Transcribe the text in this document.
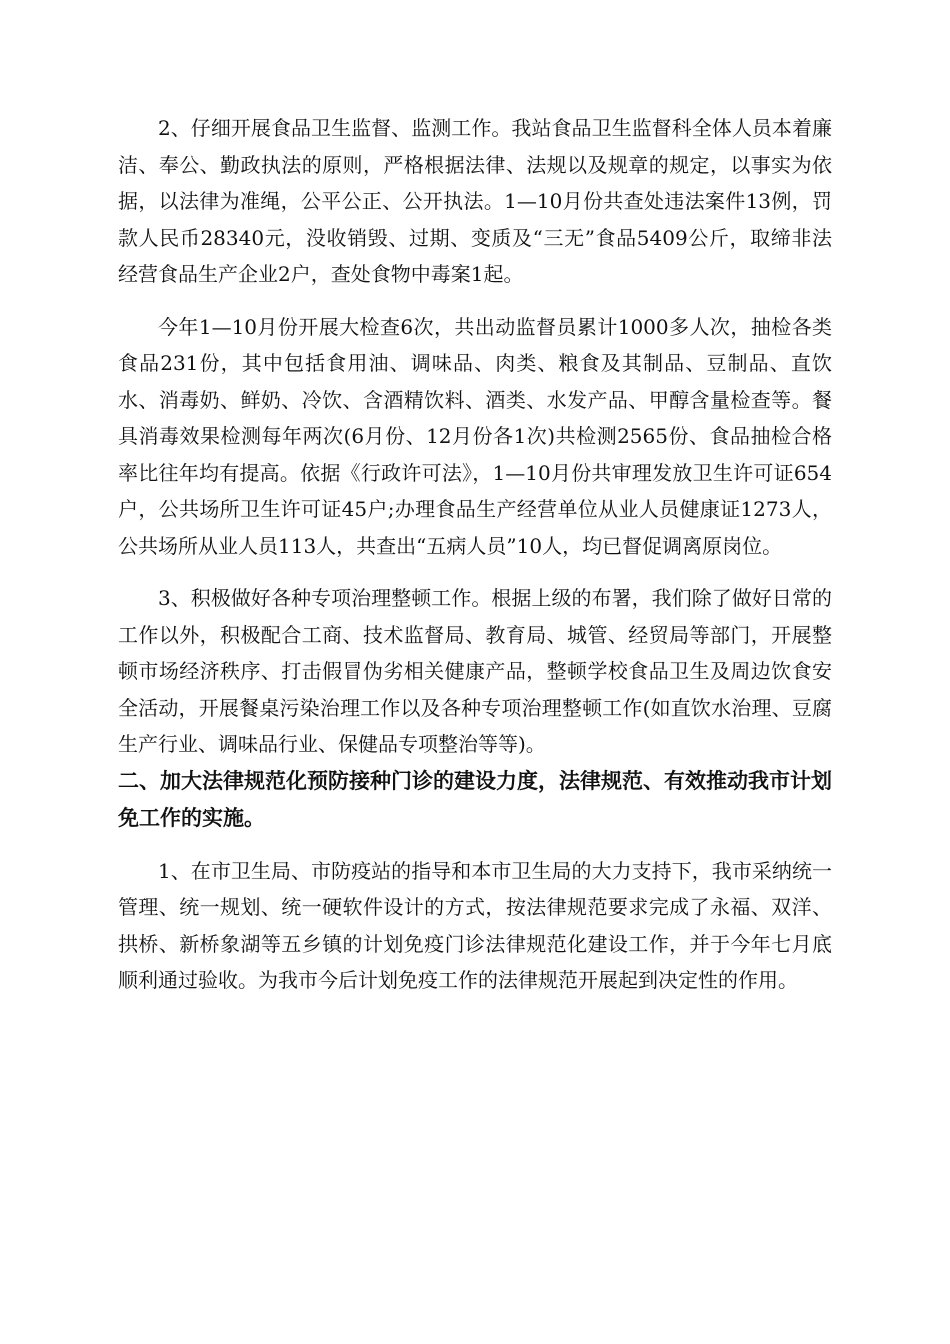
2、仔细开展食品卫生监督、监测工作。我站食品卫生监督科全体人员本着廉洁、奉公、勤政执法的原则，严格根据法律、法规以及规章的规定，以事实为依据，以法律为准绳，公平公正、公开执法。1—10月份共查处违法案件13例，罚款人民币28340元，没收销毁、过期、变质及“三无”食品5409公斤，取缔非法经营食品生产企业2户，查处食物中毒案1起。

今年1—10月份开展大检查6次，共出动监督员累计1000多人次，抽检各类食品231份，其中包括食用油、调味品、肉类、粮食及其制品、豆制品、直饮水、消毒奶、鲜奶、冷饮、含酒精饮料、酒类、水发产品、甲醇含量检查等。餐具消毒效果检测每年两次(6月份、12月份各1次)共检测2565份、食品抽检合格率比往年均有提高。依据《行政许可法》，1—10月份共审理发放卫生许可证654户，公共场所卫生许可证45户;办理食品生产经营单位从业人员健康证1273人，公共场所从业人员113人，共查出“五病人员”10人，均已督促调离原岗位。

3、积极做好各种专项治理整顿工作。根据上级的布署，我们除了做好日常的工作以外，积极配合工商、技术监督局、教育局、城管、经贸局等部门，开展整顿市场经济秩序、打击假冒伪劣相关健康产品，整顿学校食品卫生及周边饮食安全活动，开展餐桌污染治理工作以及各种专项治理整顿工作(如直饮水治理、豆腐生产行业、调味品行业、保健品专项整治等等)。

二、加大法律规范化预防接种门诊的建设力度，法律规范、有效推动我市计划免工作的实施。

1、在市卫生局、市防疫站的指导和本市卫生局的大力支持下，我市采纳统一管理、统一规划、统一硬软件设计的方式，按法律规范要求完成了永福、双洋、拱桥、新桥象湖等五乡镇的计划免疫门诊法律规范化建设工作，并于今年七月底顺利通过验收。为我市今后计划免疫工作的法律规范开展起到决定性的作用。
